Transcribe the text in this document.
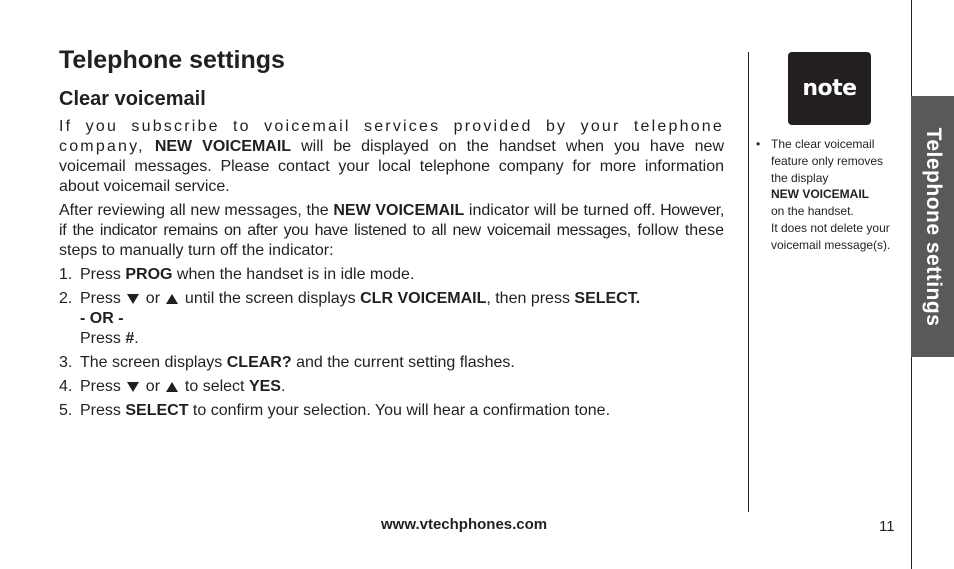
Telephone settings
Clear voicemail

If you subscribe to voicemail services provided by your telephone company, NEW VOICEMAIL will be displayed on the handset when you have new voicemail messages. Please contact your local telephone company for more information about voicemail service.

After reviewing all new messages, the NEW VOICEMAIL indicator will be turned off. However, if the indicator remains on after you have listened to all new voicemail messages, follow these steps to manually turn off the indicator:

1. Press PROG when the handset is in idle mode.
2. Press  or  until the screen displays CLR VOICEMAIL, then press SELECT.
- OR -
Press #.
3. The screen displays CLEAR? and the current setting flashes.
4. Press  or  to select YES.
5. Press SELECT to confirm your selection. You will hear a confirmation tone.
note
• The clear voicemail feature only removes the display
NEW VOICEMAIL
on the handset.
It does not delete your voicemail message(s).	Telephone settings
www.vtechphones.com	11
